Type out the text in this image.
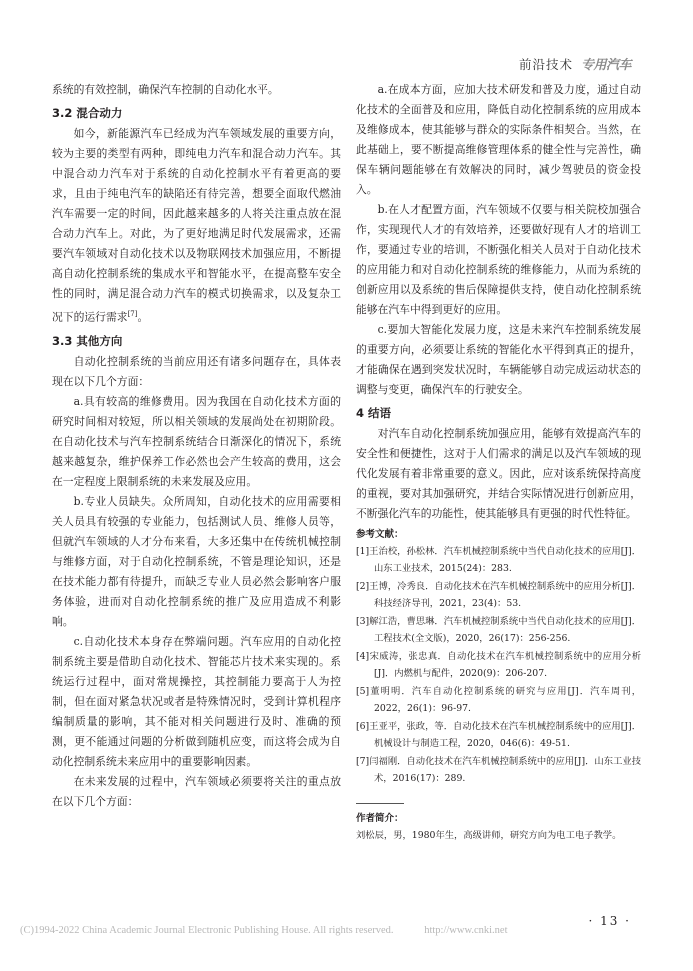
前沿技术 专用汽车

系统的有效控制，确保汽车控制的自动化水平。

3.2 混合动力

如今，新能源汽车已经成为汽车领域发展的重要方向，较为主要的类型有两种，即纯电力汽车和混合动力汽车。其中混合动力汽车对于系统的自动化控制水平有着更高的要求，且由于纯电汽车的缺陷还有待完善，想要全面取代燃油汽车需要一定的时间，因此越来越多的人将关注重点放在混合动力汽车上。对此，为了更好地满足时代发展需求，还需要汽车领域对自动化技术以及物联网技术加强应用，不断提高自动化控制系统的集成水平和智能水平，在提高整车安全性的同时，满足混合动力汽车的模式切换需求，以及复杂工况下的运行需求[7]。

3.3 其他方向

自动化控制系统的当前应用还有诸多问题存在，具体表现在以下几个方面：

a.具有较高的维修费用。因为我国在自动化技术方面的研究时间相对较短，所以相关领域的发展尚处在初期阶段。在自动化技术与汽车控制系统结合日渐深化的情况下，系统越来越复杂，维护保养工作必然也会产生较高的费用，这会在一定程度上限制系统的未来发展及应用。

b.专业人员缺失。众所周知，自动化技术的应用需要相关人员具有较强的专业能力，包括测试人员、维修人员等，但就汽车领域的人才分布来看，大多还集中在传统机械控制与维修方面，对于自动化控制系统，不管是理论知识，还是在技术能力都有待提升，而缺乏专业人员必然会影响客户服务体验，进而对自动化控制系统的推广及应用造成不利影响。

c.自动化技术本身存在弊端问题。汽车应用的自动化控制系统主要是借助自动化技术、智能芯片技术来实现的。系统运行过程中，面对常规操控，其控制能力要高于人为控制，但在面对紧急状况或者是特殊情况时，受到计算机程序编制质量的影响，其不能对相关问题进行及时、准确的预测，更不能通过问题的分析做到随机应变，而这将会成为自动化控制系统未来应用中的重要影响因素。

在未来发展的过程中，汽车领域必须要将关注的重点放在以下几个方面：

a.在成本方面，应加大技术研发和普及力度，通过自动化技术的全面普及和应用，降低自动化控制系统的应用成本及维修成本，使其能够与群众的实际条件相契合。当然，在此基础上，要不断提高维修管理体系的健全性与完善性，确保车辆问题能够在有效解决的同时，减少驾驶员的资金投入。

b.在人才配置方面，汽车领域不仅要与相关院校加强合作，实现现代人才的有效培养，还要做好现有人才的培训工作，要通过专业的培训，不断强化相关人员对于自动化技术的应用能力和对自动化控制系统的维修能力，从而为系统的创新应用以及系统的售后保障提供支持，使自动化控制系统能够在汽车中得到更好的应用。

c.要加大智能化发展力度，这是未来汽车控制系统发展的重要方向，必须要让系统的智能化水平得到真正的提升，才能确保在遇到突发状况时，车辆能够自动完成运动状态的调整与变更，确保汽车的行驶安全。

4 结语

对汽车自动化控制系统加强应用，能够有效提高汽车的安全性和便捷性，这对于人们需求的满足以及汽车领域的现代化发展有着非常重要的意义。因此，应对该系统保持高度的重视，要对其加强研究，并结合实际情况进行创新应用，不断强化汽车的功能性，使其能够具有更强的时代性特征。

参考文献：
[1]王治校，孙松林．汽车机械控制系统中当代自动化技术的应用[J]．山东工业技术，2015(24)：283.
[2]王博，冷秀良．自动化技术在汽车机械控制系统中的应用分析[J]．科技经济导刊，2021，23(4)：53.
[3]解江浩，曹思琳．汽车机械控制系统中当代自动化技术的应用[J]．工程技术(全文版)，2020，26(17)：256-256.
[4]宋威涛，张忠真．自动化技术在汽车机械控制系统中的应用分析[J]．内燃机与配件，2020(9)：206-207.
[5]董明明．汽车自动化控制系统的研究与应用[J]．汽车周刊，2022，26(1)：96-97.
[6]王亚平，张政，等．自动化技术在汽车机械控制系统中的应用[J]．机械设计与制造工程，2020，046(6)：49-51.
[7]闫福刚．自动化技术在汽车机械控制系统中的应用[J]．山东工业技术，2016(17)：289.
作者简介：
刘松辰，男，1980年生，高级讲师，研究方向为电工电子教学。
· 13 ·
(C)1994-2022 China Academic Journal Electronic Publishing House. All rights reserved.	http://www.cnki.net
